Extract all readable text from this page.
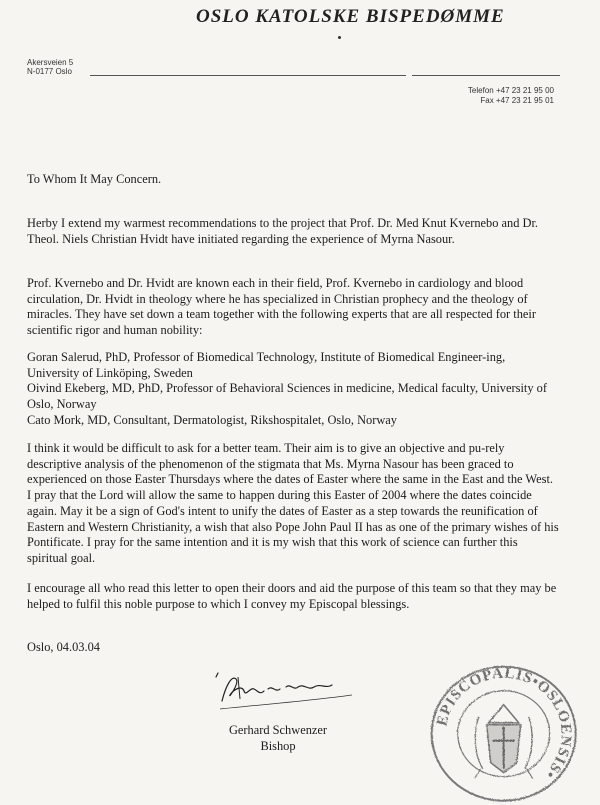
OSLO KATOLSKE BISPEDØMME
Akersveien 5
N-0177 Oslo
Telefon +47 23 21 95 00
Fax +47 23 21 95 01

To Whom It May Concern.

Herby I extend my warmest recommendations to the project that Prof. Dr. Med Knut Kvernebo and Dr. Theol. Niels Christian Hvidt have initiated regarding the experience of Myrna Nasour.

Prof. Kvernebo and Dr. Hvidt are known each in their field, Prof. Kvernebo in cardiology and blood circulation, Dr. Hvidt in theology where he has specialized in Christian prophecy and the theology of miracles. They have set down a team together with the following experts that are all respected for their scientific rigor and human nobility:

Goran Salerud, PhD, Professor of Biomedical Technology, Institute of Biomedical Engineer-ing, University of Linköping, Sweden

Oivind Ekeberg, MD, PhD, Professor of Behavioral Sciences in medicine, Medical faculty, University of Oslo, Norway

Cato Mork, MD, Consultant, Dermatologist, Rikshospitalet, Oslo, Norway

I think it would be difficult to ask for a better team. Their aim is to give an objective and pu-rely descriptive analysis of the phenomenon of the stigmata that Ms. Myrna Nasour has been graced to experienced on those Easter Thursdays where the dates of Easter where the same in the East and the West. I pray that the Lord will allow the same to happen during this Easter of 2004 where the dates coincide again. May it be a sign of God's intent to unify the dates of Easter as a step towards the reunification of Eastern and Western Christianity, a wish that also Pope John Paul II has as one of the primary wishes of his Pontificate. I pray for the same intention and it is my wish that this work of science can further this spiritual goal.

I encourage all who read this letter to open their doors and aid the purpose of this team so that they may be helped to fulfil this noble purpose to which I convey my Episcopal blessings.

Oslo, 04.03.04

Gerhard Schwenzer
Bishop
EPISCOPALIS•OSLOENSIS•
